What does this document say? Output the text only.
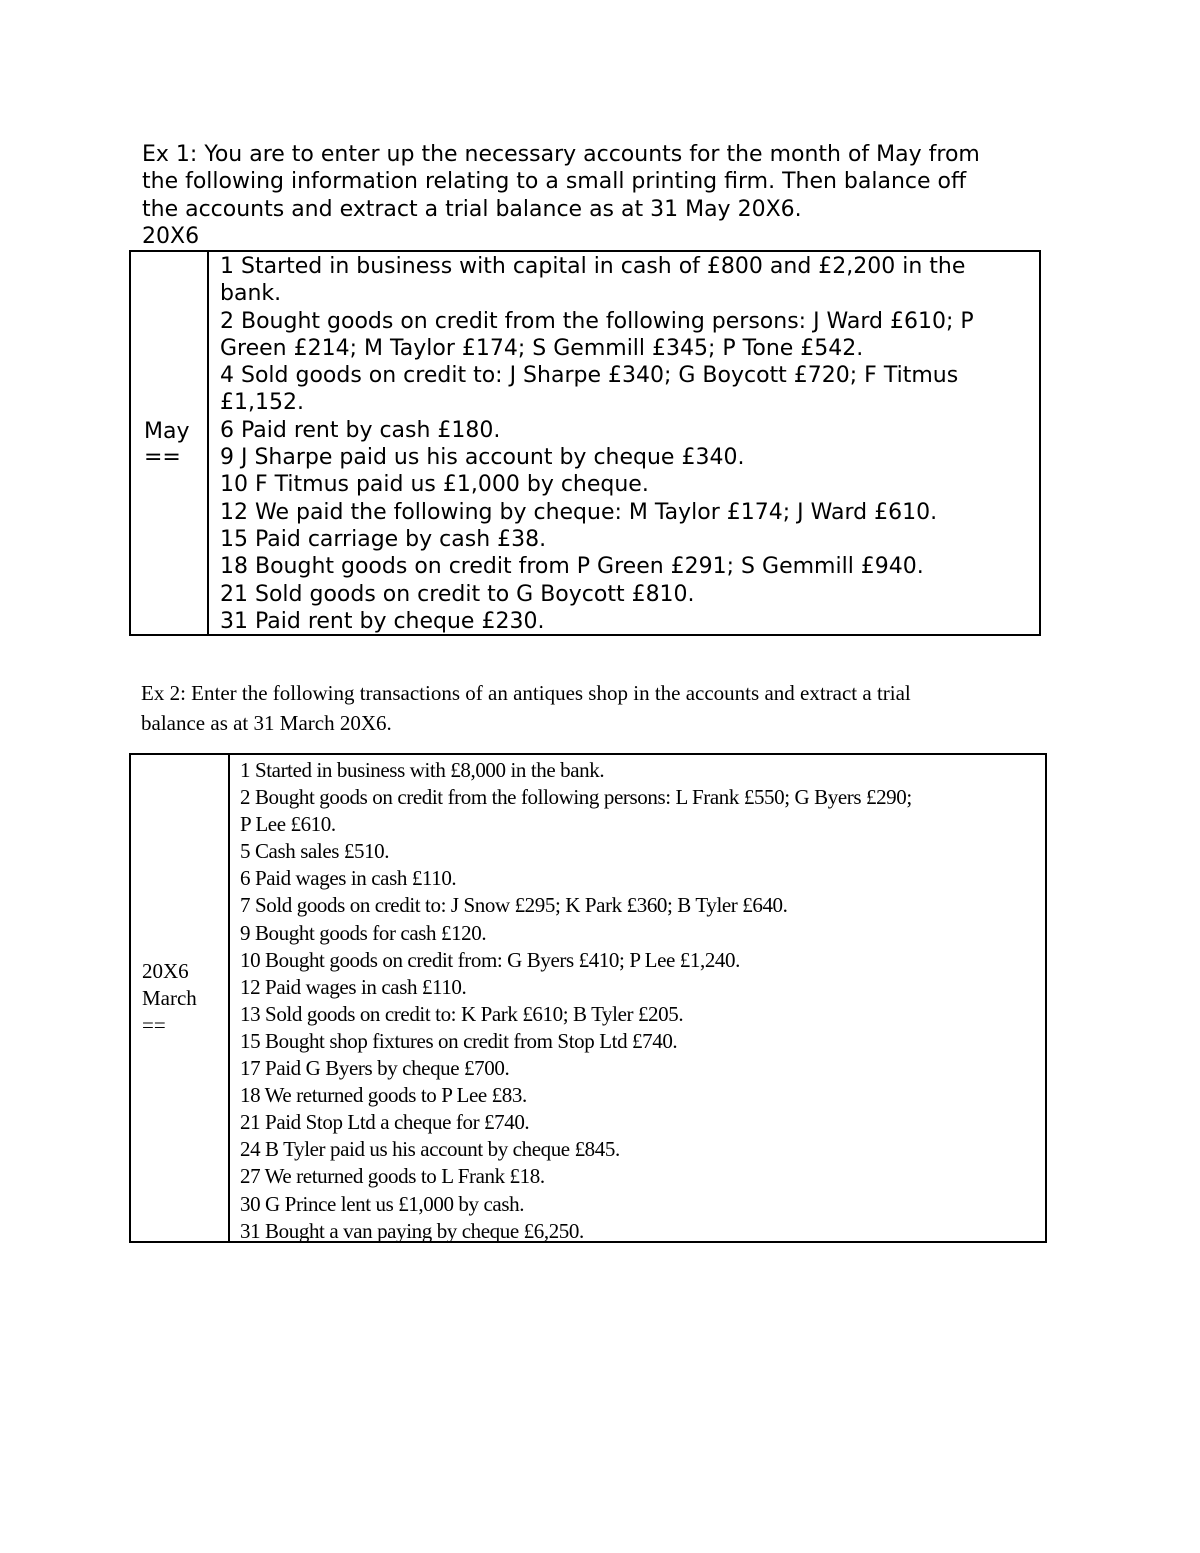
Ex 1: You are to enter up the necessary accounts for the month of May from
the following information relating to a small printing firm. Then balance off
the accounts and extract a trial balance as at 31 May 20X6.
20X6
May
==
1 Started in business with capital in cash of £800 and £2,200 in the
bank.
2 Bought goods on credit from the following persons: J Ward £610; P
Green £214; M Taylor £174; S Gemmill £345; P Tone £542.
4 Sold goods on credit to: J Sharpe £340; G Boycott £720; F Titmus
£1,152.
6 Paid rent by cash £180.
9 J Sharpe paid us his account by cheque £340.
10 F Titmus paid us £1,000 by cheque.
12 We paid the following by cheque: M Taylor £174; J Ward £610.
15 Paid carriage by cash £38.
18 Bought goods on credit from P Green £291; S Gemmill £940.
21 Sold goods on credit to G Boycott £810.
31 Paid rent by cheque £230.
Ex 2: Enter the following transactions of an antiques shop in the accounts and extract a trial
balance as at 31 March 20X6.
20X6
March
==
1 Started in business with £8,000 in the bank.
2 Bought goods on credit from the following persons: L Frank £550; G Byers £290;
P Lee £610.
5 Cash sales £510.
6 Paid wages in cash £110.
7 Sold goods on credit to: J Snow £295; K Park £360; B Tyler £640.
9 Bought goods for cash £120.
10 Bought goods on credit from: G Byers £410; P Lee £1,240.
12 Paid wages in cash £110.
13 Sold goods on credit to: K Park £610; B Tyler £205.
15 Bought shop fixtures on credit from Stop Ltd £740.
17 Paid G Byers by cheque £700.
18 We returned goods to P Lee £83.
21 Paid Stop Ltd a cheque for £740.
24 B Tyler paid us his account by cheque £845.
27 We returned goods to L Frank £18.
30 G Prince lent us £1,000 by cash.
31 Bought a van paying by cheque £6,250.
